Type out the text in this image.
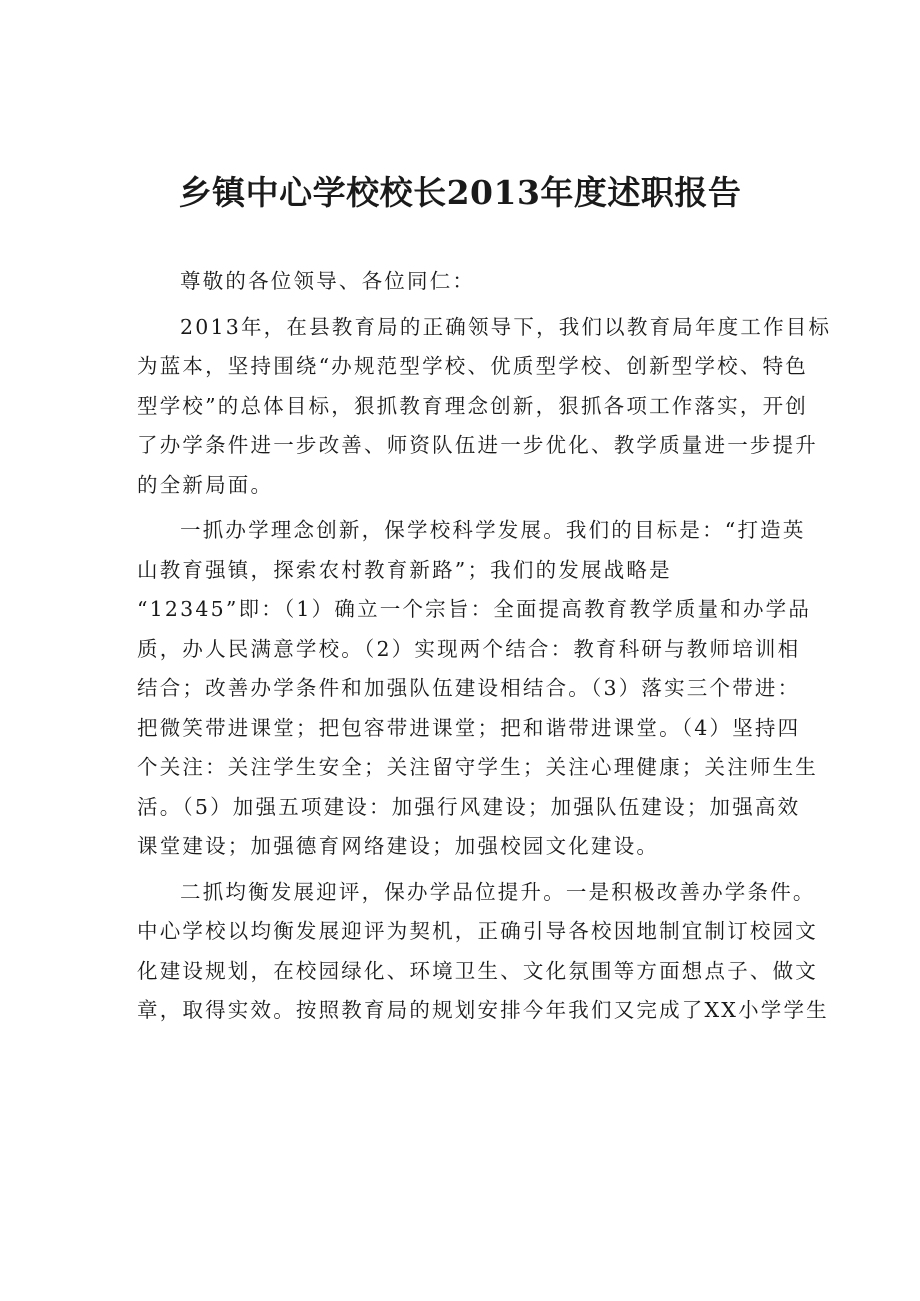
乡镇中心学校校长2013年度述职报告
尊敬的各位领导、各位同仁：
2013年，在县教育局的正确领导下，我们以教育局年度工作目标
为蓝本，坚持围绕“办规范型学校、优质型学校、创新型学校、特色
型学校”的总体目标，狠抓教育理念创新，狠抓各项工作落实，开创
了办学条件进一步改善、师资队伍进一步优化、教学质量进一步提升
的全新局面。
一抓办学理念创新，保学校科学发展。我们的目标是：“打造英
山教育强镇，探索农村教育新路”；我们的发展战略是
“12345”即：（1）确立一个宗旨：全面提高教育教学质量和办学品
质，办人民满意学校。（2）实现两个结合：教育科研与教师培训相
结合；改善办学条件和加强队伍建设相结合。（3）落实三个带进：
把微笑带进课堂；把包容带进课堂；把和谐带进课堂。（4）坚持四
个关注：关注学生安全；关注留守学生；关注心理健康；关注师生生
活。（5）加强五项建设：加强行风建设；加强队伍建设；加强高效
课堂建设；加强德育网络建设；加强校园文化建设。
二抓均衡发展迎评，保办学品位提升。一是积极改善办学条件。
中心学校以均衡发展迎评为契机，正确引导各校因地制宜制订校园文
化建设规划，在校园绿化、环境卫生、文化氛围等方面想点子、做文
章，取得实效。按照教育局的规划安排今年我们又完成了XX小学学生
